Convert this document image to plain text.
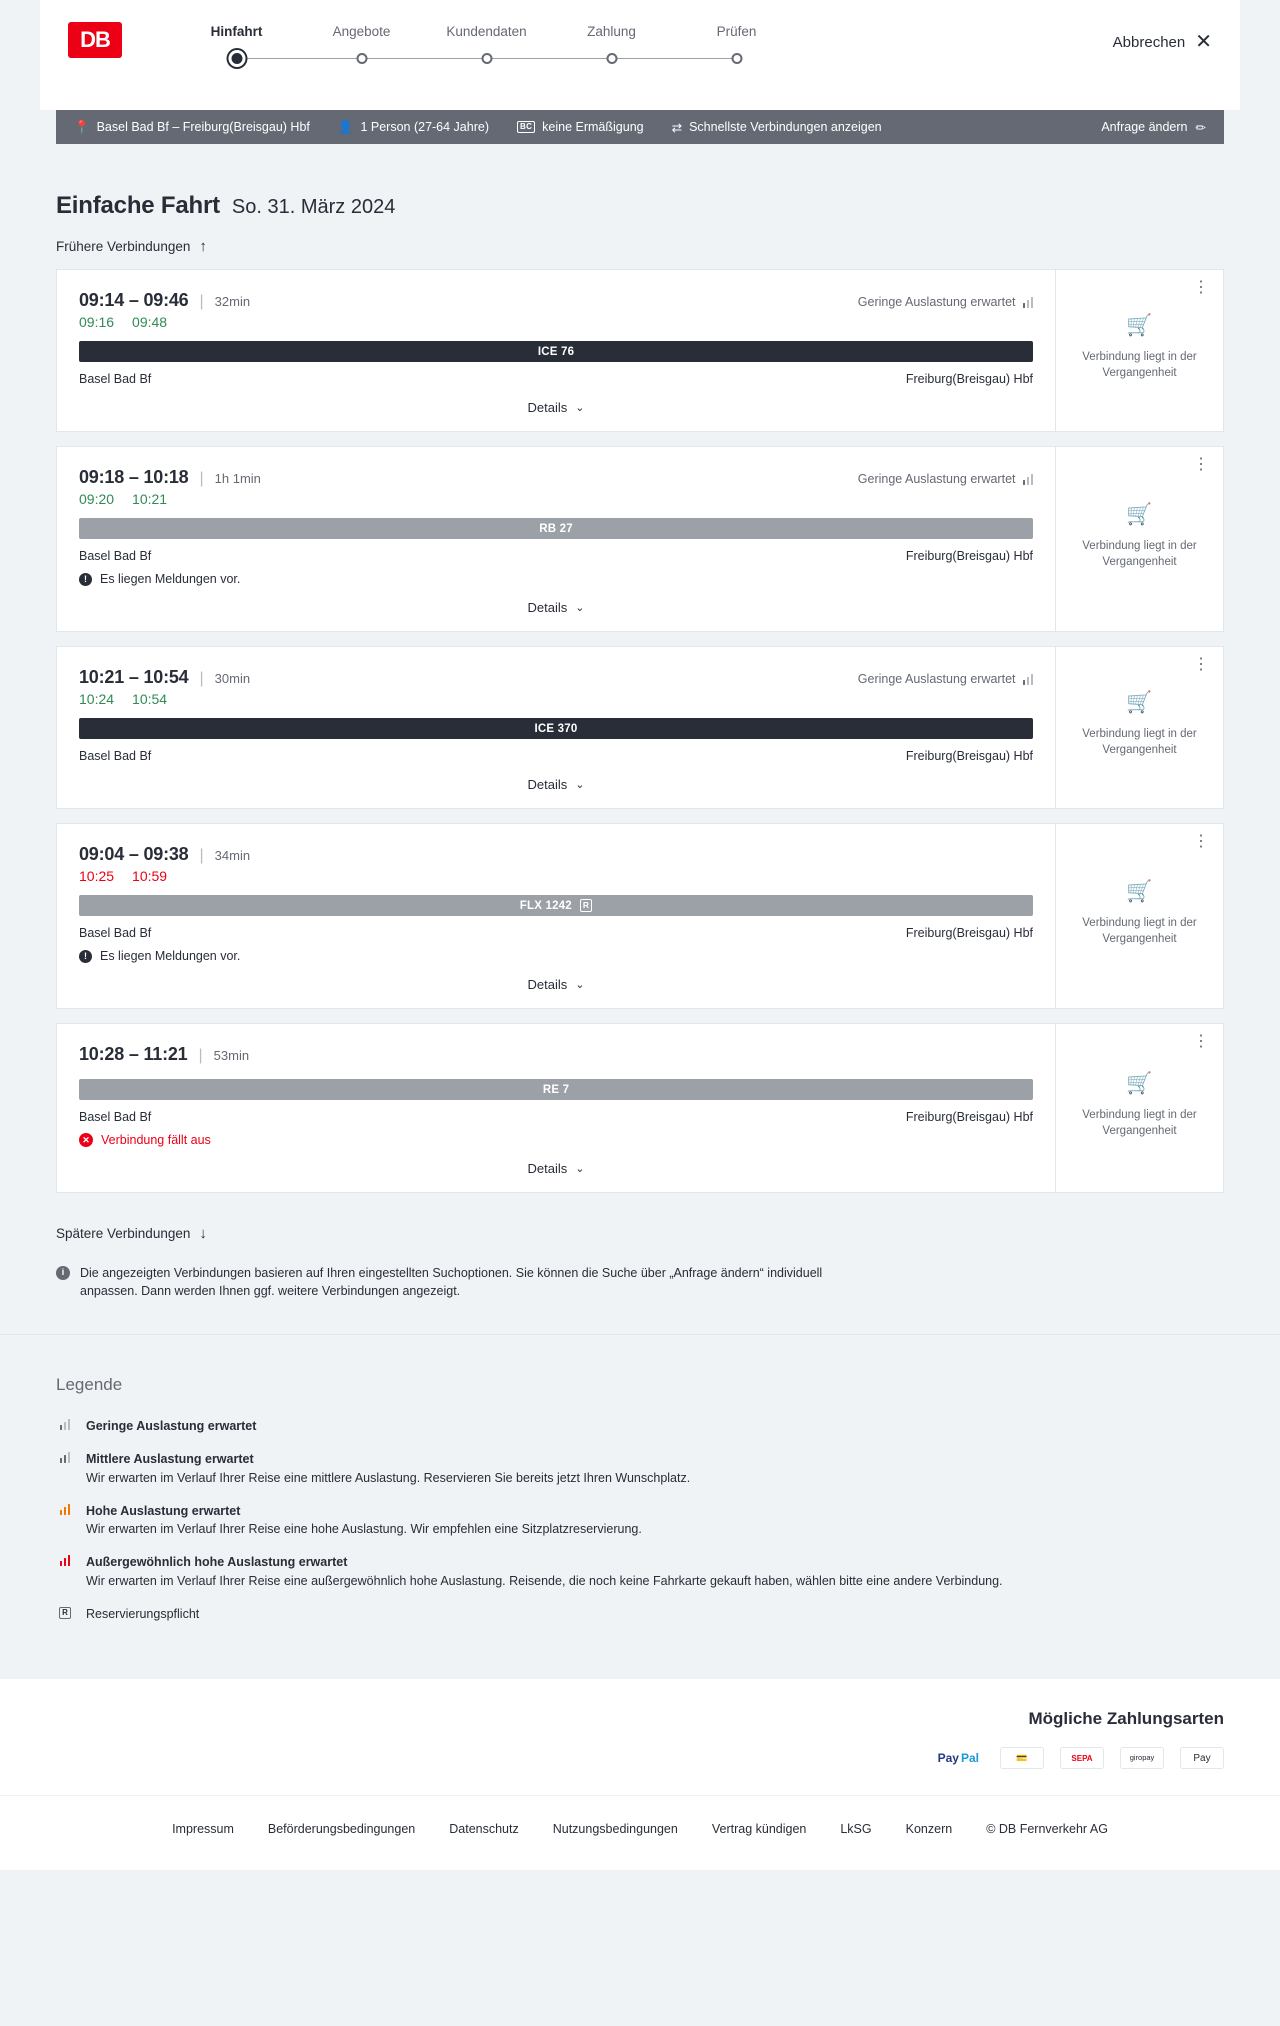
DB	Hinfahrt	Angebote	Kundendaten	Zahlung	Prüfen
Abbrechen ✕
📍 Basel Bad Bf – Freiburg(Breisgau) Hbf 👤 1 Person (27-64 Jahre)	BC keine Ermäßigung ⇄ Schnellste Verbindungen anzeigen	Anfrage ändern ✏
Einfache Fahrt So. 31. März 2024
Frühere Verbindungen ↑
09:14 – 09:46 | 32min	Geringe Auslastung erwartet
09:16 09:48
ICE 76
Basel Bad Bf	Freiburg(Breisgau) Hbf
Details ⌄
⋮
🛒
Verbindung liegt in der Vergangenheit
09:18 – 10:18 | 1h 1min	Geringe Auslastung erwartet
09:20 10:21
RB 27
Basel Bad Bf	Freiburg(Breisgau) Hbf
!	Es liegen Meldungen vor.
Details ⌄
⋮
🛒
Verbindung liegt in der Vergangenheit
10:21 – 10:54 | 30min	Geringe Auslastung erwartet
10:24 10:54
ICE 370
Basel Bad Bf	Freiburg(Breisgau) Hbf
Details ⌄
⋮
🛒
Verbindung liegt in der Vergangenheit
09:04 – 09:38 | 34min
10:25 10:59
FLX 1242	R
Basel Bad Bf	Freiburg(Breisgau) Hbf
!	Es liegen Meldungen vor.
Details ⌄
⋮
🛒
Verbindung liegt in der Vergangenheit
10:28 – 11:21 | 53min
RE 7
Basel Bad Bf	Freiburg(Breisgau) Hbf
✕ Verbindung fällt aus
Details ⌄
⋮
🛒
Verbindung liegt in der Vergangenheit
Spätere Verbindungen ↓
i	Die angezeigten Verbindungen basieren auf Ihren eingestellten Suchoptionen. Sie können die Suche über „Anfrage ändern“ individuell anpassen. Dann werden Ihnen ggf. weitere Verbindungen angezeigt.
Legende
Geringe Auslastung erwartet
Mittlere Auslastung erwartet
Wir erwarten im Verlauf Ihrer Reise eine mittlere Auslastung. Reservieren Sie bereits jetzt Ihren Wunschplatz.
Hohe Auslastung erwartet
Wir erwarten im Verlauf Ihrer Reise eine hohe Auslastung. Wir empfehlen eine Sitzplatzreservierung.
Außergewöhnlich hohe Auslastung erwartet
Wir erwarten im Verlauf Ihrer Reise eine außergewöhnlich hohe Auslastung. Reisende, die noch keine Fahrkarte gekauft haben, wählen bitte eine andere Verbindung.
R Reservierungspflicht
Mögliche Zahlungsarten
Pay Pal	💳	SEPA	giropay	Pay
Impressum	Beförderungsbedingungen	Datenschutz	Nutzungsbedingungen	Vertrag kündigen	LkSG	Konzern	© DB Fernverkehr AG
